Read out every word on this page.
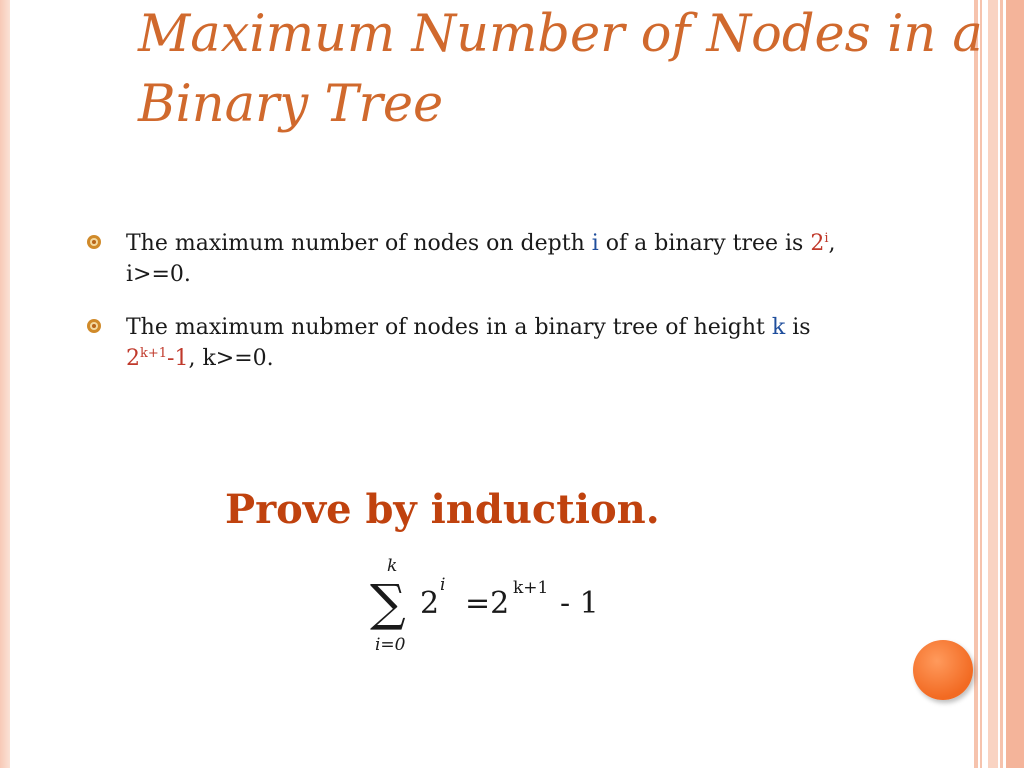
Maximum Number of Nodes in a Binary Tree
The maximum number of nodes on depth i of a binary tree is 2$^i$,
i>=0.
The maximum nubmer of nodes in a binary tree of height k is
$2^{k+1}-1$, k>=0.

Prove by induction.

k
∑ 2
i
=2 k+1 - 1
i=0
